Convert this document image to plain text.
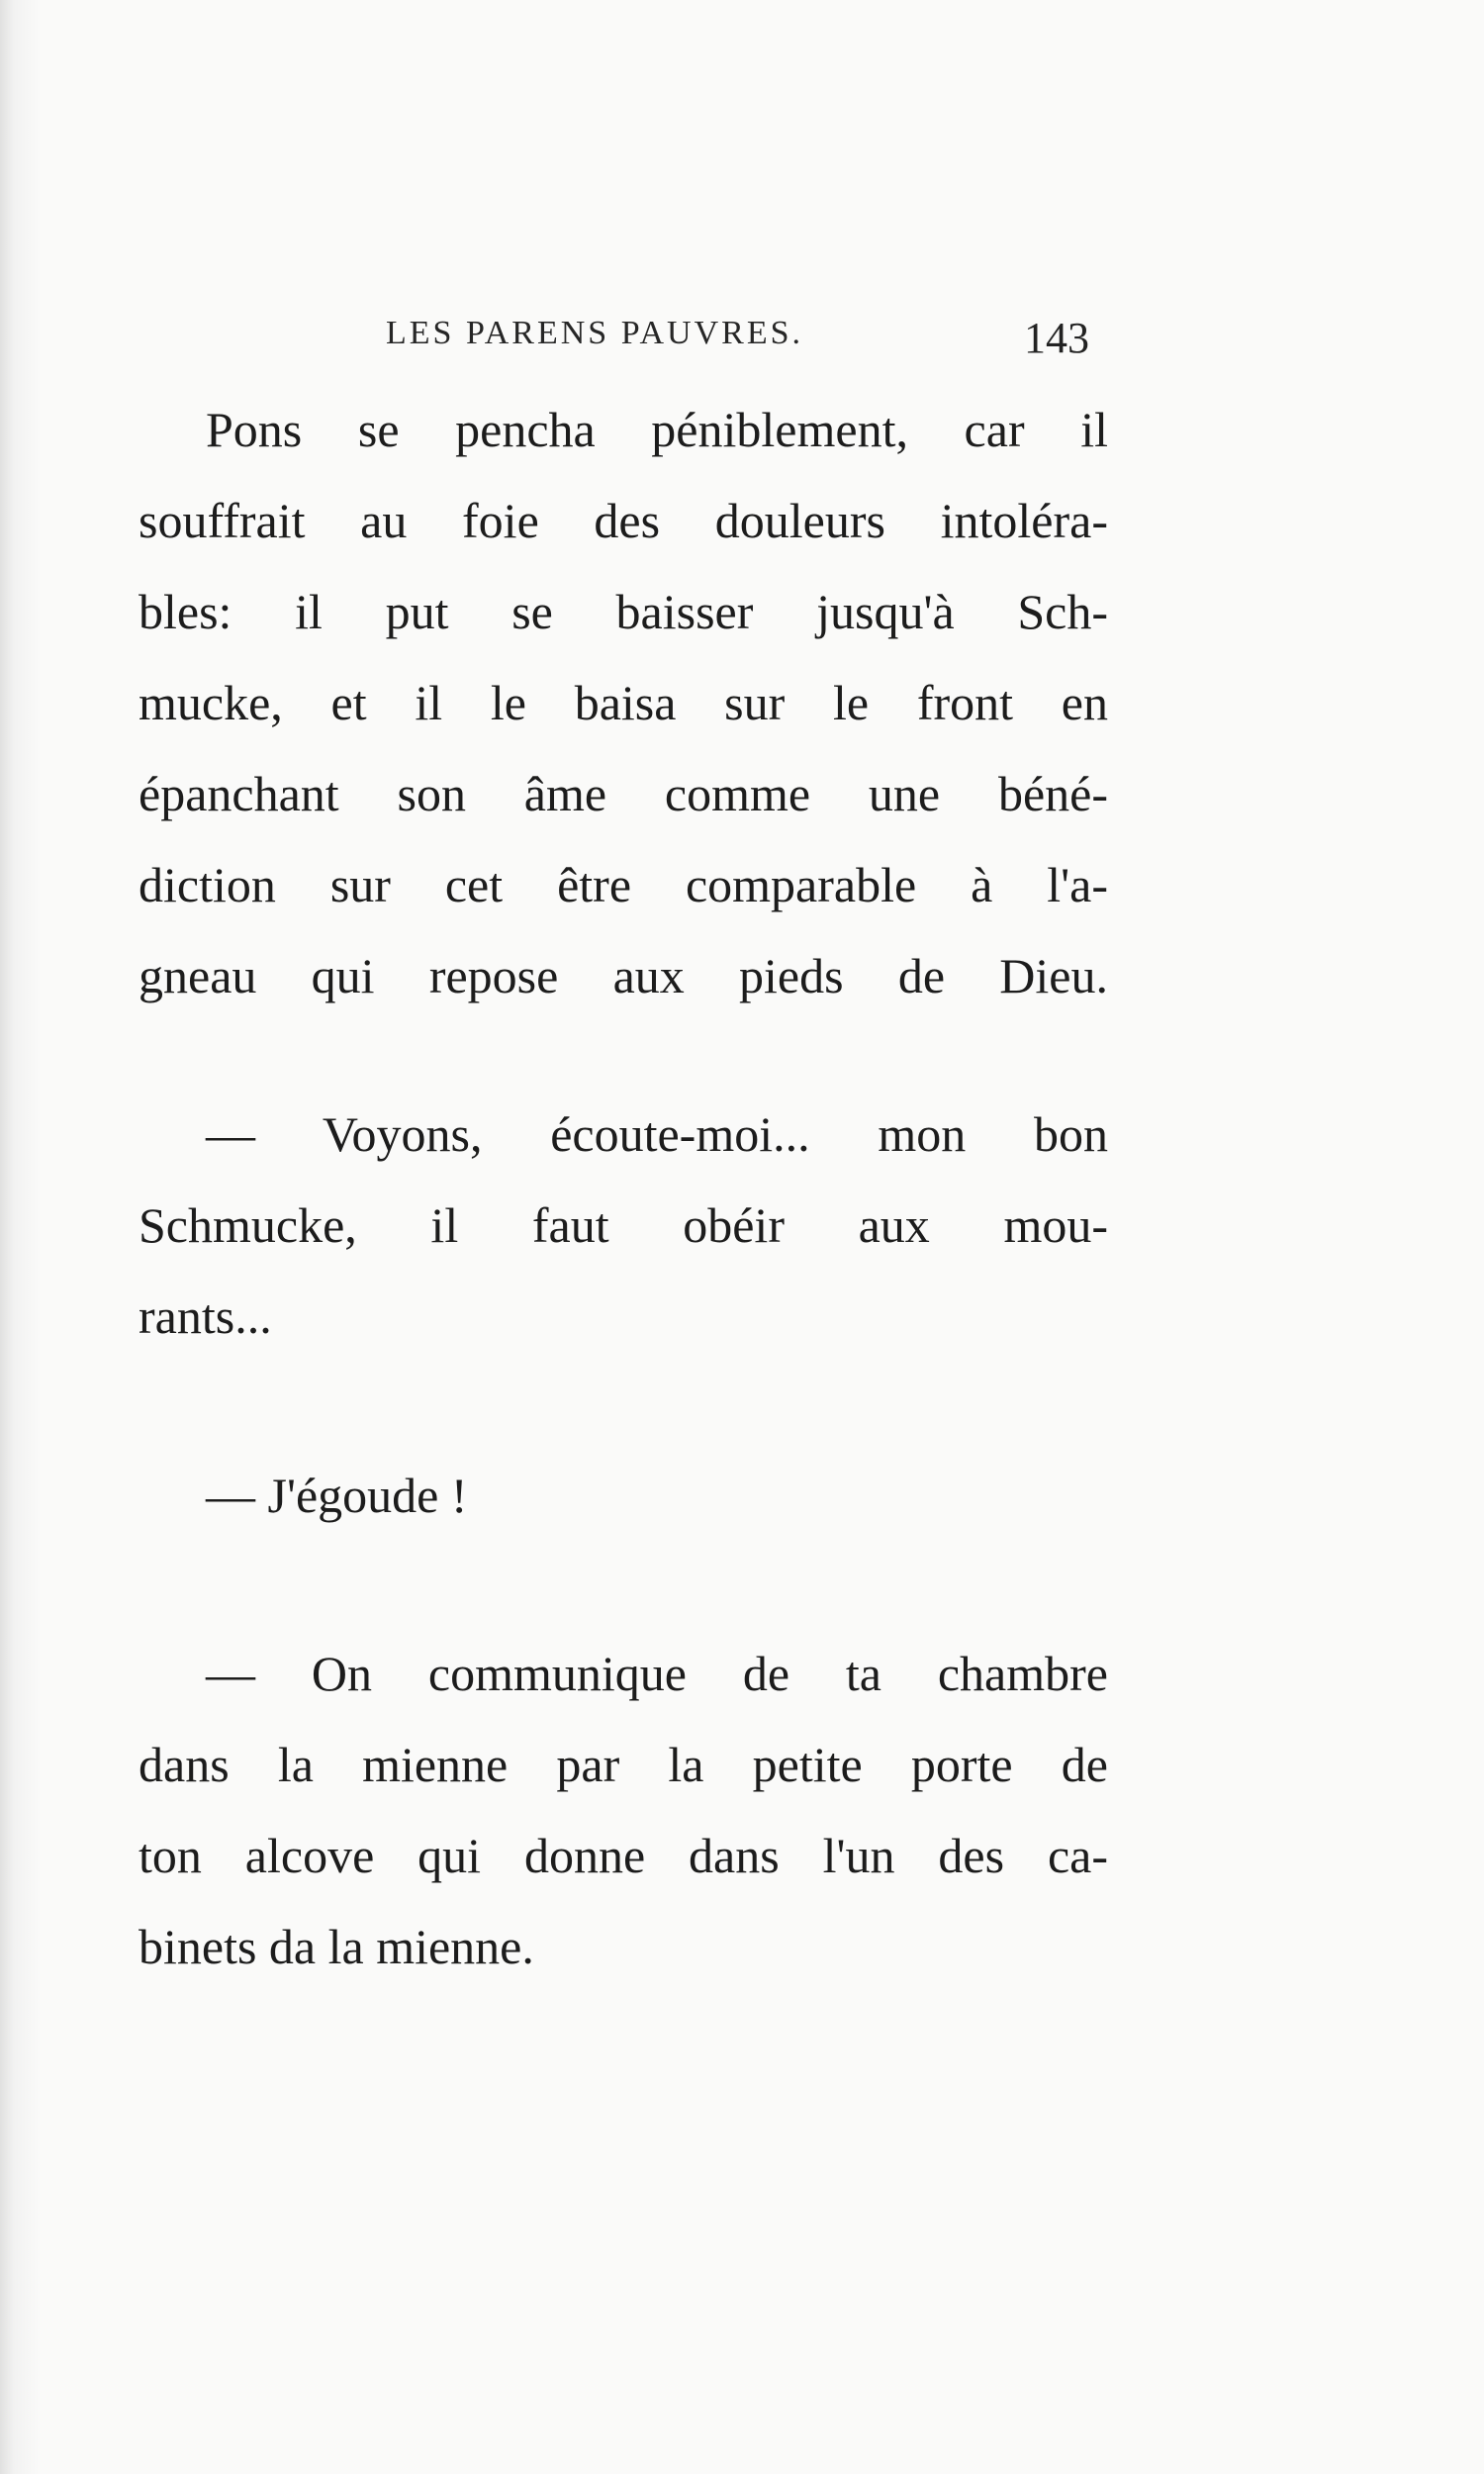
LES PARENS PAUVRES.	143
Pons se pencha péniblement, car il
souffrait au foie des douleurs intoléra-
bles: il put se baisser jusqu'à Sch-
mucke, et il le baisa sur le front en
épanchant son âme comme une béné-
diction sur cet être comparable à l'a-
gneau qui repose aux pieds de Dieu.
— Voyons, écoute-moi... mon bon
Schmucke, il faut obéir aux mou-
rants...
— J'égoude !
— On communique de ta chambre
dans la mienne par la petite porte de
ton alcove qui donne dans l'un des ca-
binets da la mienne.
